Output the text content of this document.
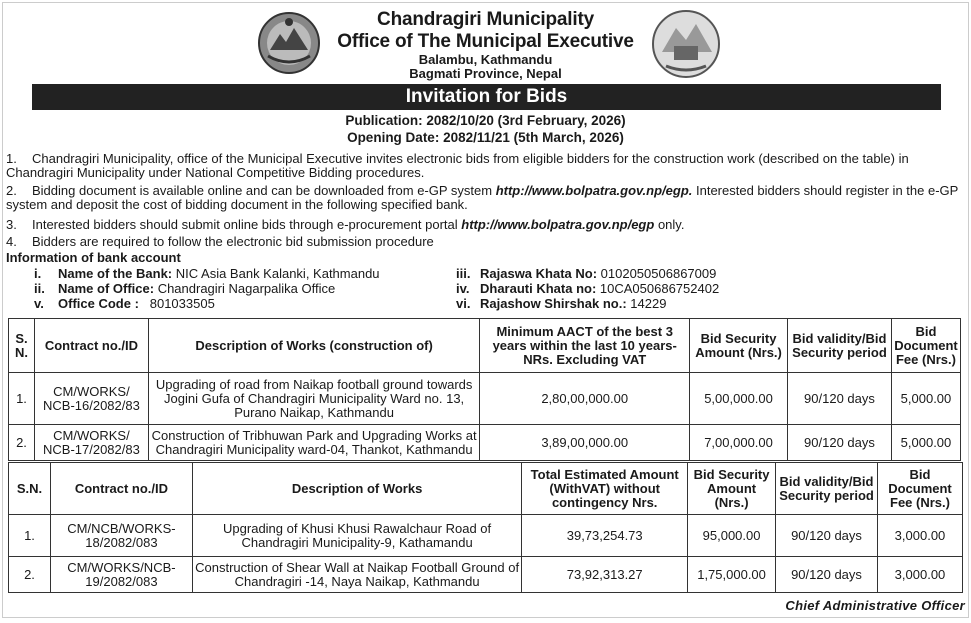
Chandragiri Municipality
Office of The Municipal Executive
Balambu, Kathmandu
Bagmati Province, Nepal
Invitation for Bids
Publication: 2082/10/20 (3rd February, 2026)
Opening Date: 2082/11/21 (5th March, 2026)
1. Chandragiri Municipality, office of the Municipal Executive invites electronic bids from eligible bidders for the construction work (described on the table) in Chandragiri Municipality under National Competitive Bidding procedures.
2. Bidding document is available online and can be downloaded from e-GP system http://www.bolpatra.gov.np/egp. Interested bidders should register in the e-GP system and deposit the cost of bidding document in the following specified bank.
3. Interested bidders should submit online bids through e-procurement portal http://www.bolpatra.gov.np/egp only.
4. Bidders are required to follow the electronic bid submission procedure
Information of bank account
i. Name of the Bank: NIC Asia Bank Kalanki, Kathmandu
ii. Name of Office: Chandragiri Nagarpalika Office
v. Office Code :   801033505
iii. Rajaswa Khata No: 0102050506867009
iv. Dharauti Khata no: 10CA050686752402
vi. Rajashow Shirshak no.: 14229
S. N.	Contract no./ID	Description of Works (construction of)	Minimum AACT of the best 3 years within the last 10 years-NRs. Excluding VAT	Bid Security Amount (Nrs.)	Bid validity/Bid Security period	Bid Document Fee (Nrs.)
1.	CM/WORKS/ NCB-16/2082/83	Upgrading of road from Naikap football ground towards Jogini Gufa of Chandragiri Municipality Ward no. 13, Purano Naikap, Kathmandu	2,80,00,000.00	5,00,000.00	90/120 days	5,000.00
2.	CM/WORKS/ NCB-17/2082/83	Construction of Tribhuwan Park and Upgrading Works at Chandragiri Municipality ward-04, Thankot, Kathmandu	3,89,00,000.00	7,00,000.00	90/120 days	5,000.00
S.N.	Contract no./ID	Description of Works	Total Estimated Amount (WithVAT) without contingency Nrs.	Bid Security Amount (Nrs.)	Bid validity/Bid Security period	Bid Document Fee (Nrs.)
1.	CM/NCB/WORKS-18/2082/083	Upgrading of Khusi Khusi Rawalchaur Road of Chandragiri Municipality-9, Kathamandu	39,73,254.73	95,000.00	90/120 days	3,000.00
2.	CM/WORKS/NCB-19/2082/083	Construction of Shear Wall at Naikap Football Ground of Chandragiri -14, Naya Naikap, Kathmandu	73,92,313.27	1,75,000.00	90/120 days	3,000.00
Chief Administrative Officer
